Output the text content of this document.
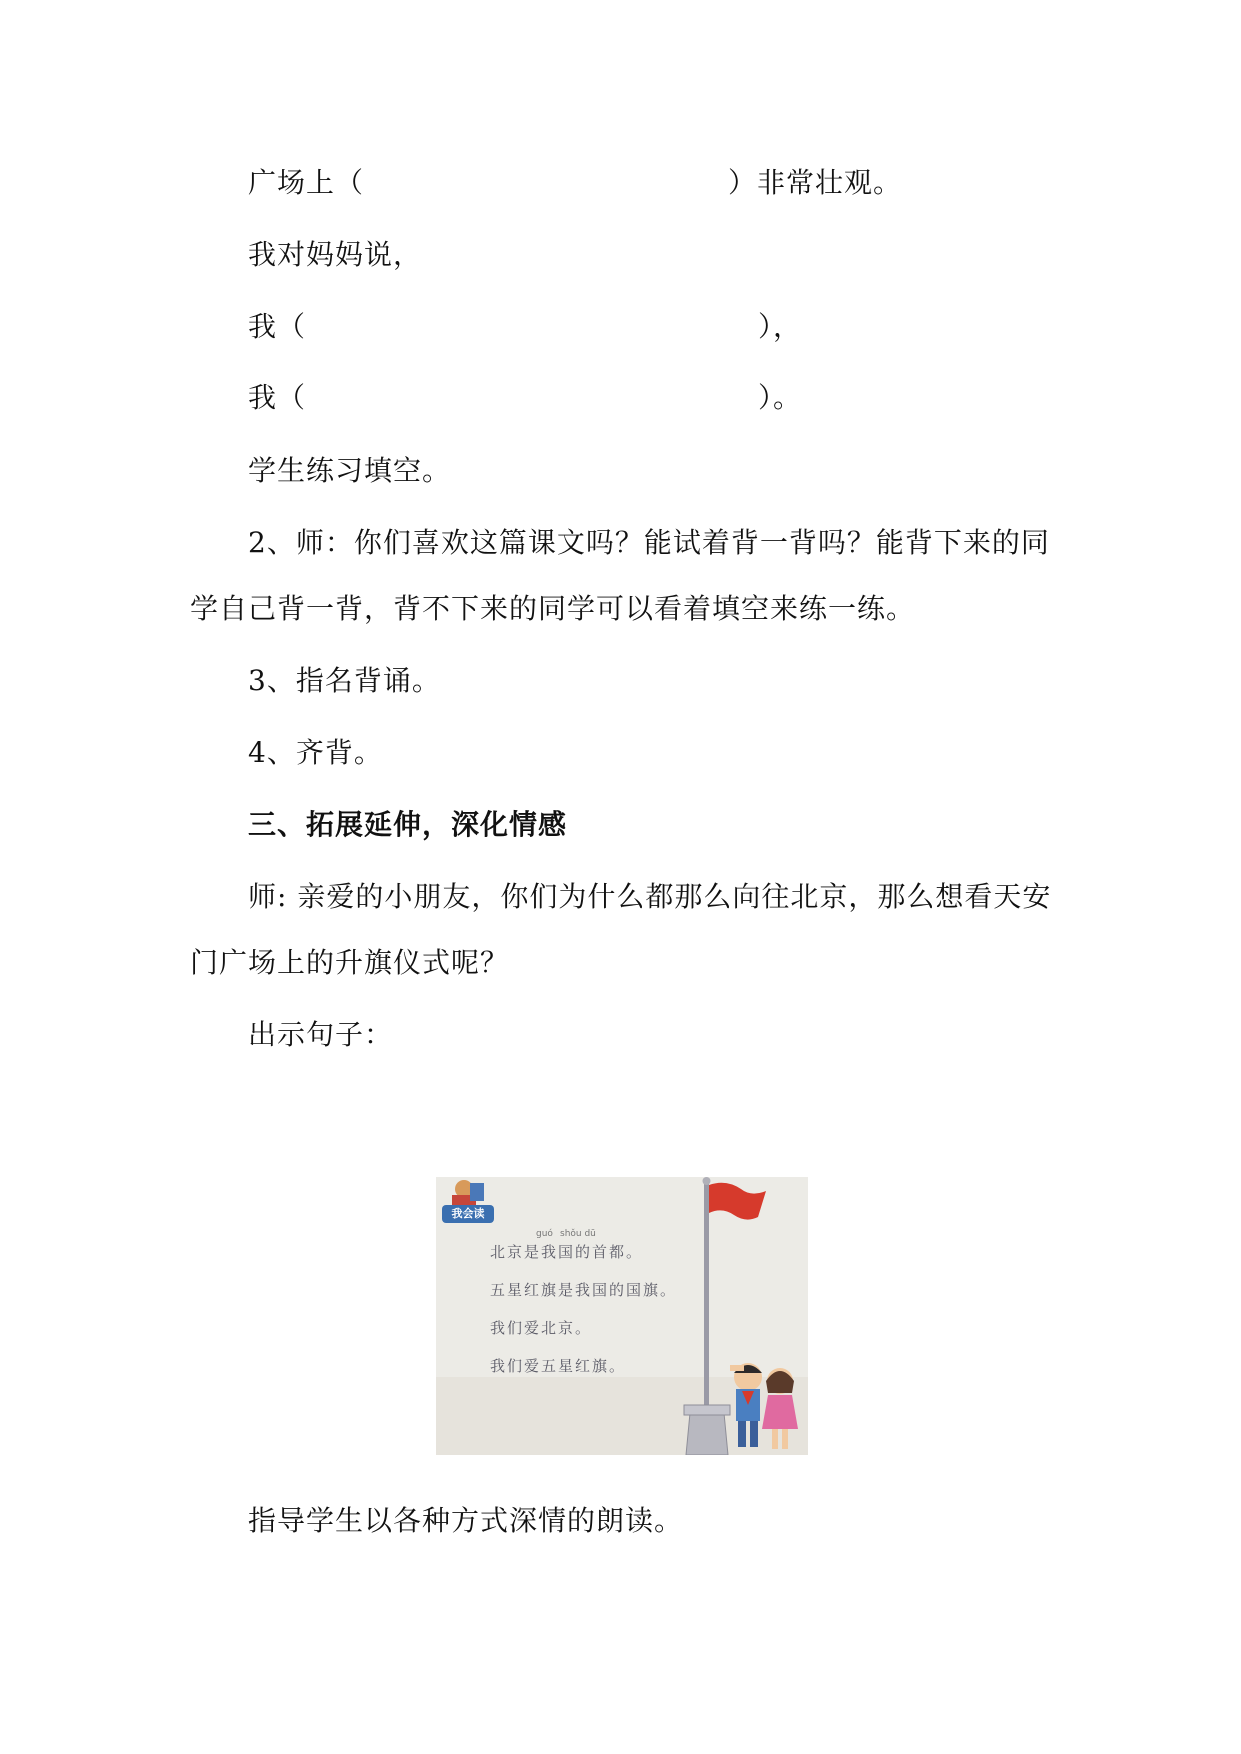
广场上（	）非常壮观。
我对妈妈说，
我（	），
我（	）。
学生练习填空。
2、师：你们喜欢这篇课文吗？能试着背一背吗？能背下来的同
学自己背一背，背不下来的同学可以看着填空来练一练。
3、指名背诵。
4、齐背。
三、拓展延伸，深化情感
师: 亲爱的小朋友，你们为什么都那么向往北京，那么想看天安
门广场上的升旗仪式呢？
出示句子：
我会读
guó shǒu dū
北京是我国的首都。
五星红旗是我国的国旗。
我们爱北京。
我们爱五星红旗。
指导学生以各种方式深情的朗读。
